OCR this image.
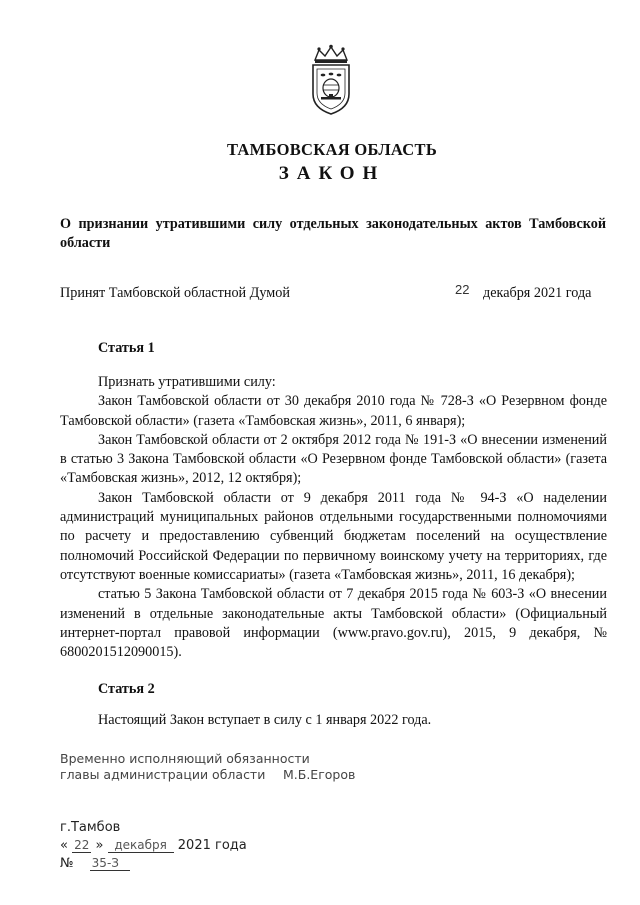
ТАМБОВСКАЯ ОБЛАСТЬ
ЗАКОН
О признании утратившими силу отдельных законодательных актов Тамбовской области
Принят Тамбовской областной Думой	22 декабря 2021 года
Статья 1

Признать утратившими силу:

Закон Тамбовской области от 30 декабря 2010 года № 728-З «О Резервном фонде Тамбовской области» (газета «Тамбовская жизнь», 2011, 6 января);

Закон Тамбовской области от 2 октября 2012 года № 191-З «О внесении изменений в статью 3 Закона Тамбовской области «О Резервном фонде Тамбовской области» (газета «Тамбовская жизнь», 2012, 12 октября);

Закон Тамбовской области от 9 декабря 2011 года № 94-З «О наделении администраций муниципальных районов отдельными государственными полномочиями по расчету и предоставлению субвенций бюджетам поселений на осуществление полномочий Российской Федерации по первичному воинскому учету на территориях, где отсутствуют военные комиссариаты» (газета «Тамбовская жизнь», 2011, 16 декабря);

статью 5 Закона Тамбовской области от 7 декабря 2015 года № 603-З «О внесении изменений в отдельные законодательные акты Тамбовской области» (Официальный интернет-портал правовой информации (www.pravo.gov.ru), 2015, 9 декабря, № 6800201512090015).

Статья 2

Настоящий Закон вступает в силу с 1 января 2022 года.

Временно исполняющий обязанности
главы администрации области	М.Б.Егоров
г.Тамбов
« 22 » декабря 2021 года
№ 35-З
